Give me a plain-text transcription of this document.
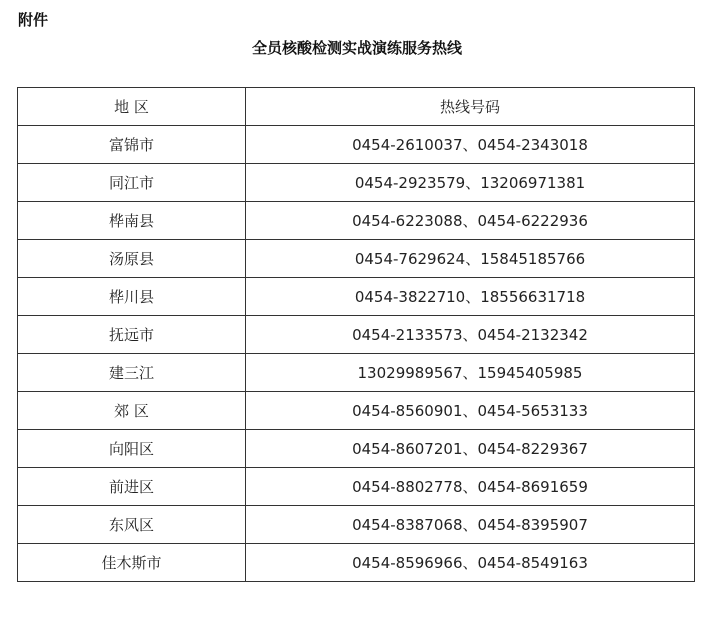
附件
全员核酸检测实战演练服务热线
地 区	热线号码
富锦市	0454-2610037、0454-2343018
同江市	0454-2923579、13206971381
桦南县	0454-6223088、0454-6222936
汤原县	0454-7629624、15845185766
桦川县	0454-3822710、18556631718
抚远市	0454-2133573、0454-2132342
建三江	13029989567、15945405985
郊 区	0454-8560901、0454-5653133
向阳区	0454-8607201、0454-8229367
前进区	0454-8802778、0454-8691659
东风区	0454-8387068、0454-8395907
佳木斯市	0454-8596966、0454-8549163
